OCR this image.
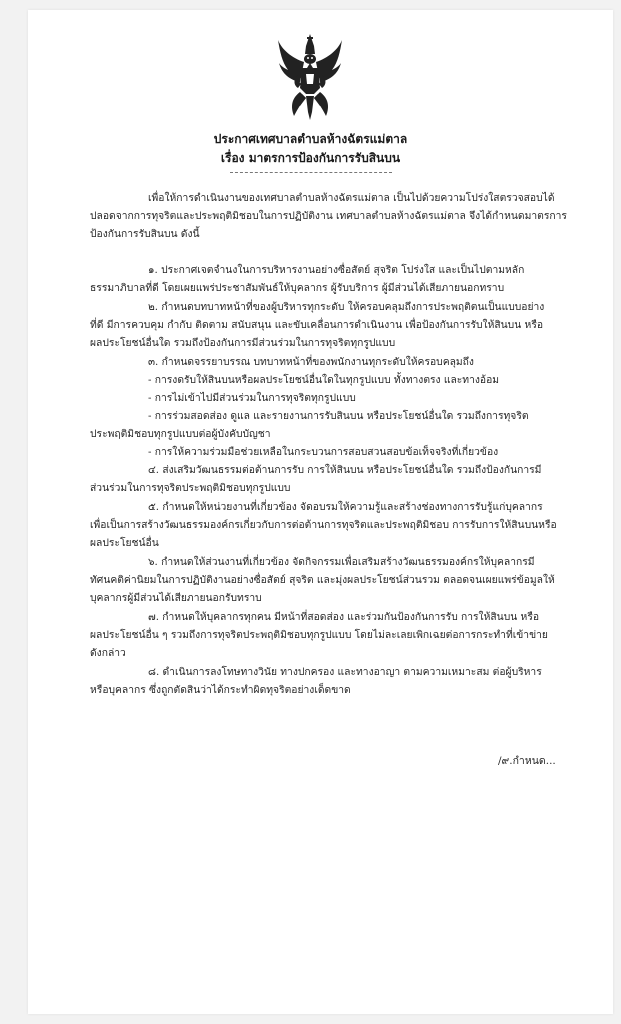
ประกาศเทศบาลตำบลห้างฉัตรแม่ตาล
เรื่อง มาตรการป้องกันการรับสินบน
เพื่อให้การดำเนินงานของเทศบาลตำบลห้างฉัตรแม่ตาล เป็นไปด้วยความโปร่งใสตรวจสอบได้
ปลอดจากการทุจริตและประพฤติมิชอบในการปฏิบัติงาน เทศบาลตำบลห้างฉัตรแม่ตาล จึงได้กำหนดมาตรการ
ป้องกันการรับสินบน ดังนี้
๑. ประกาศเจตจำนงในการบริหารงานอย่างซื่อสัตย์ สุจริต โปร่งใส และเป็นไปตามหลัก
ธรรมาภิบาลที่ดี โดยเผยแพร่ประชาสัมพันธ์ให้บุคลากร ผู้รับบริการ ผู้มีส่วนได้เสียภายนอกทราบ
๒. กำหนดบทบาทหน้าที่ของผู้บริหารทุกระดับ ให้ครอบคลุมถึงการประพฤติตนเป็นแบบอย่าง
ที่ดี มีการควบคุม กำกับ ติดตาม สนับสนุน และขับเคลื่อนการดำเนินงาน เพื่อป้องกันการรับให้สินบน หรือ
ผลประโยชน์อื่นใด รวมถึงป้องกันการมีส่วนร่วมในการทุจริตทุกรูปแบบ
๓. กำหนดจรรยาบรรณ บทบาทหน้าที่ของพนักงานทุกระดับให้ครอบคลุมถึง
- การงดรับให้สินบนหรือผลประโยชน์อื่นใดในทุกรูปแบบ ทั้งทางตรง และทางอ้อม
- การไม่เข้าไปมีส่วนร่วมในการทุจริตทุกรูปแบบ
- การร่วมสอดส่อง ดูแล และรายงานการรับสินบน หรือประโยชน์อื่นใด รวมถึงการทุจริต
ประพฤติมิชอบทุกรูปแบบต่อผู้บังคับบัญชา
- การให้ความร่วมมือช่วยเหลือในกระบวนการสอบสวนสอบข้อเท็จจริงที่เกี่ยวข้อง
๔. ส่งเสริมวัฒนธรรมต่อต้านการรับ การให้สินบน หรือประโยชน์อื่นใด รวมถึงป้องกันการมี
ส่วนร่วมในการทุจริตประพฤติมิชอบทุกรูปแบบ
๕. กำหนดให้หน่วยงานที่เกี่ยวข้อง จัดอบรมให้ความรู้และสร้างช่องทางการรับรู้แก่บุคลากร
เพื่อเป็นการสร้างวัฒนธรรมองค์กรเกี่ยวกับการต่อต้านการทุจริตและประพฤติมิชอบ การรับการให้สินบนหรือ
ผลประโยชน์อื่น
๖. กำหนดให้ส่วนงานที่เกี่ยวข้อง จัดกิจกรรมเพื่อเสริมสร้างวัฒนธรรมองค์กรให้บุคลากรมี
ทัศนคติค่านิยมในการปฏิบัติงานอย่างซื่อสัตย์ สุจริต และมุ่งผลประโยชน์ส่วนรวม ตลอดจนเผยแพร่ข้อมูลให้
บุคลากรผู้มีส่วนได้เสียภายนอกรับทราบ
๗. กำหนดให้บุคลากรทุกคน มีหน้าที่สอดส่อง และร่วมกันป้องกันการรับ การให้สินบน หรือ
ผลประโยชน์อื่น ๆ รวมถึงการทุจริตประพฤติมิชอบทุกรูปแบบ โดยไม่ละเลยเพิกเฉยต่อการกระทำที่เข้าข่าย
ดังกล่าว
๘. ดำเนินการลงโทษทางวินัย ทางปกครอง และทางอาญา ตามความเหมาะสม ต่อผู้บริหาร
หรือบุคลากร ซึ่งถูกตัดสินว่าได้กระทำผิดทุจริตอย่างเด็ดขาด
/๙.กำหนด...
